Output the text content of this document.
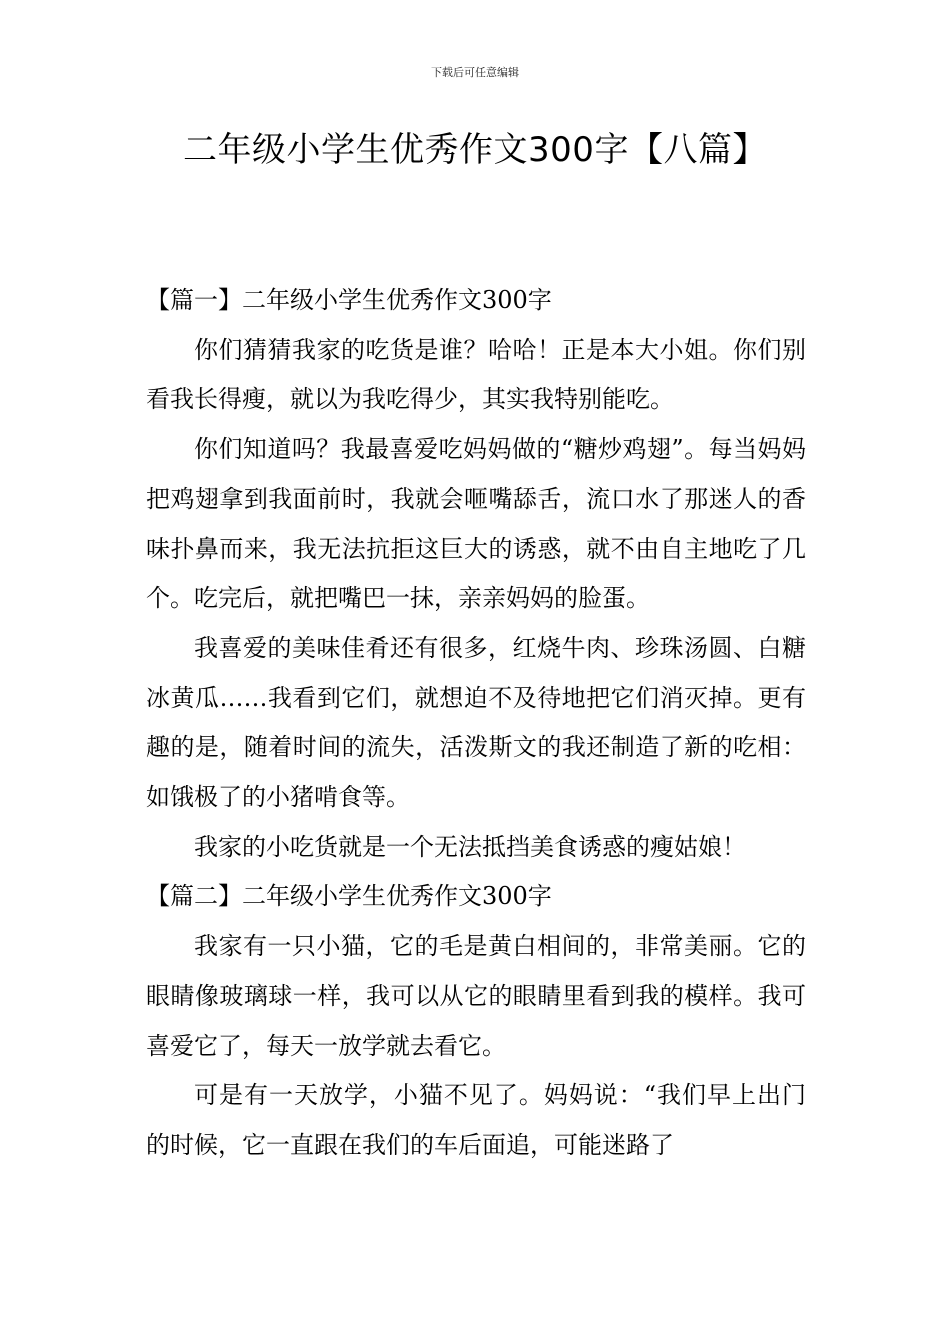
下载后可任意编辑
二年级小学生优秀作文300字【八篇】

【篇一】二年级小学生优秀作文300字

你们猜猜我家的吃货是谁？哈哈！正是本大小姐。你们别看我长得瘦，就以为我吃得少，其实我特别能吃。

你们知道吗？我最喜爱吃妈妈做的“糖炒鸡翅”。每当妈妈把鸡翅拿到我面前时，我就会咂嘴舔舌，流口水了那迷人的香味扑鼻而来，我无法抗拒这巨大的诱惑，就不由自主地吃了几个。吃完后，就把嘴巴一抹，亲亲妈妈的脸蛋。

我喜爱的美味佳肴还有很多，红烧牛肉、珍珠汤圆、白糖冰黄瓜……我看到它们，就想迫不及待地把它们消灭掉。更有趣的是，随着时间的流失，活泼斯文的我还制造了新的吃相：如饿极了的小猪啃食等。

我家的小吃货就是一个无法抵挡美食诱惑的瘦姑娘！

【篇二】二年级小学生优秀作文300字

我家有一只小猫，它的毛是黄白相间的，非常美丽。它的眼睛像玻璃球一样，我可以从它的眼睛里看到我的模样。我可喜爱它了，每天一放学就去看它。

可是有一天放学，小猫不见了。妈妈说：“我们早上出门的时候，它一直跟在我们的车后面追，可能迷路了
